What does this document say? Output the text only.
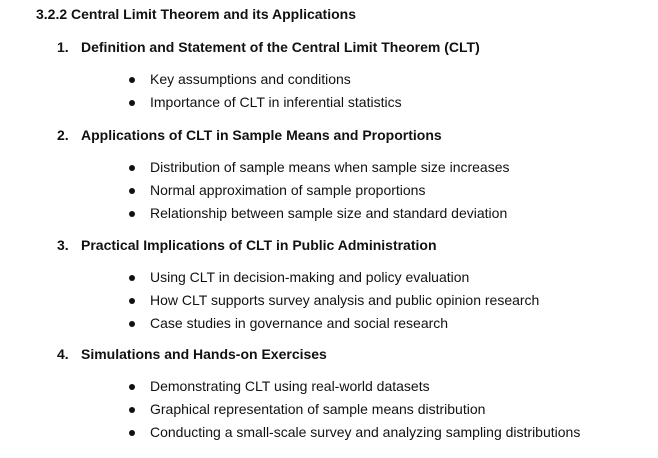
3.2.2 Central Limit Theorem and its Applications
1. Definition and Statement of the Central Limit Theorem (CLT)
Key assumptions and conditions
Importance of CLT in inferential statistics
2. Applications of CLT in Sample Means and Proportions
Distribution of sample means when sample size increases
Normal approximation of sample proportions
Relationship between sample size and standard deviation
3. Practical Implications of CLT in Public Administration
Using CLT in decision-making and policy evaluation
How CLT supports survey analysis and public opinion research
Case studies in governance and social research
4. Simulations and Hands-on Exercises
Demonstrating CLT using real-world datasets
Graphical representation of sample means distribution
Conducting a small-scale survey and analyzing sampling distributions
